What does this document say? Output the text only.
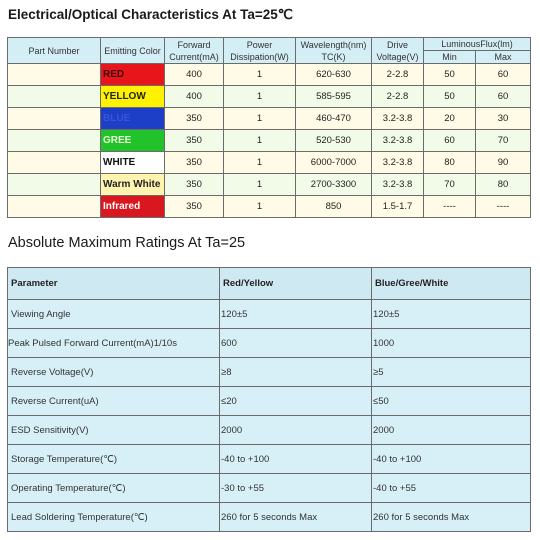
Electrical/Optical Characteristics At Ta=25℃
Part Number	Emitting Color	Forward Current(mA)	Power Dissipation(W)	Wavelength(nm) TC(K)	Drive Voltage(V)	LuminousFlux(lm)	
						Min	Max
	RED	400	1	620-630	2-2.8	50	60
	YELLOW	400	1	585-595	2-2.8	50	60
	BLUE	350	1	460-470	3.2-3.8	20	30
	GREE	350	1	520-530	3.2-3.8	60	70
	WHITE	350	1	6000-7000	3.2-3.8	80	90
	Warm White	350	1	2700-3300	3.2-3.8	70	80
	Infrared	350	1	850	1.5-1.7	----	----
Absolute Maximum Ratings At Ta=25
Parameter	Red/Yellow	Blue/Gree/White
Viewing Angle	120±5	120±5
Peak Pulsed Forward Current(mA)1/10s	600	1000
Reverse Voltage(V)	≥8	≥5
Reverse Current(uA)	≤20	≤50
ESD Sensitivity(V)	2000	2000
Storage Temperature(℃)	-40 to +100	-40 to +100
Operating Temperature(℃)	-30 to +55	-40 to +55
Lead Soldering Temperature(℃)	260 for 5 seconds Max	260 for 5 seconds Max
